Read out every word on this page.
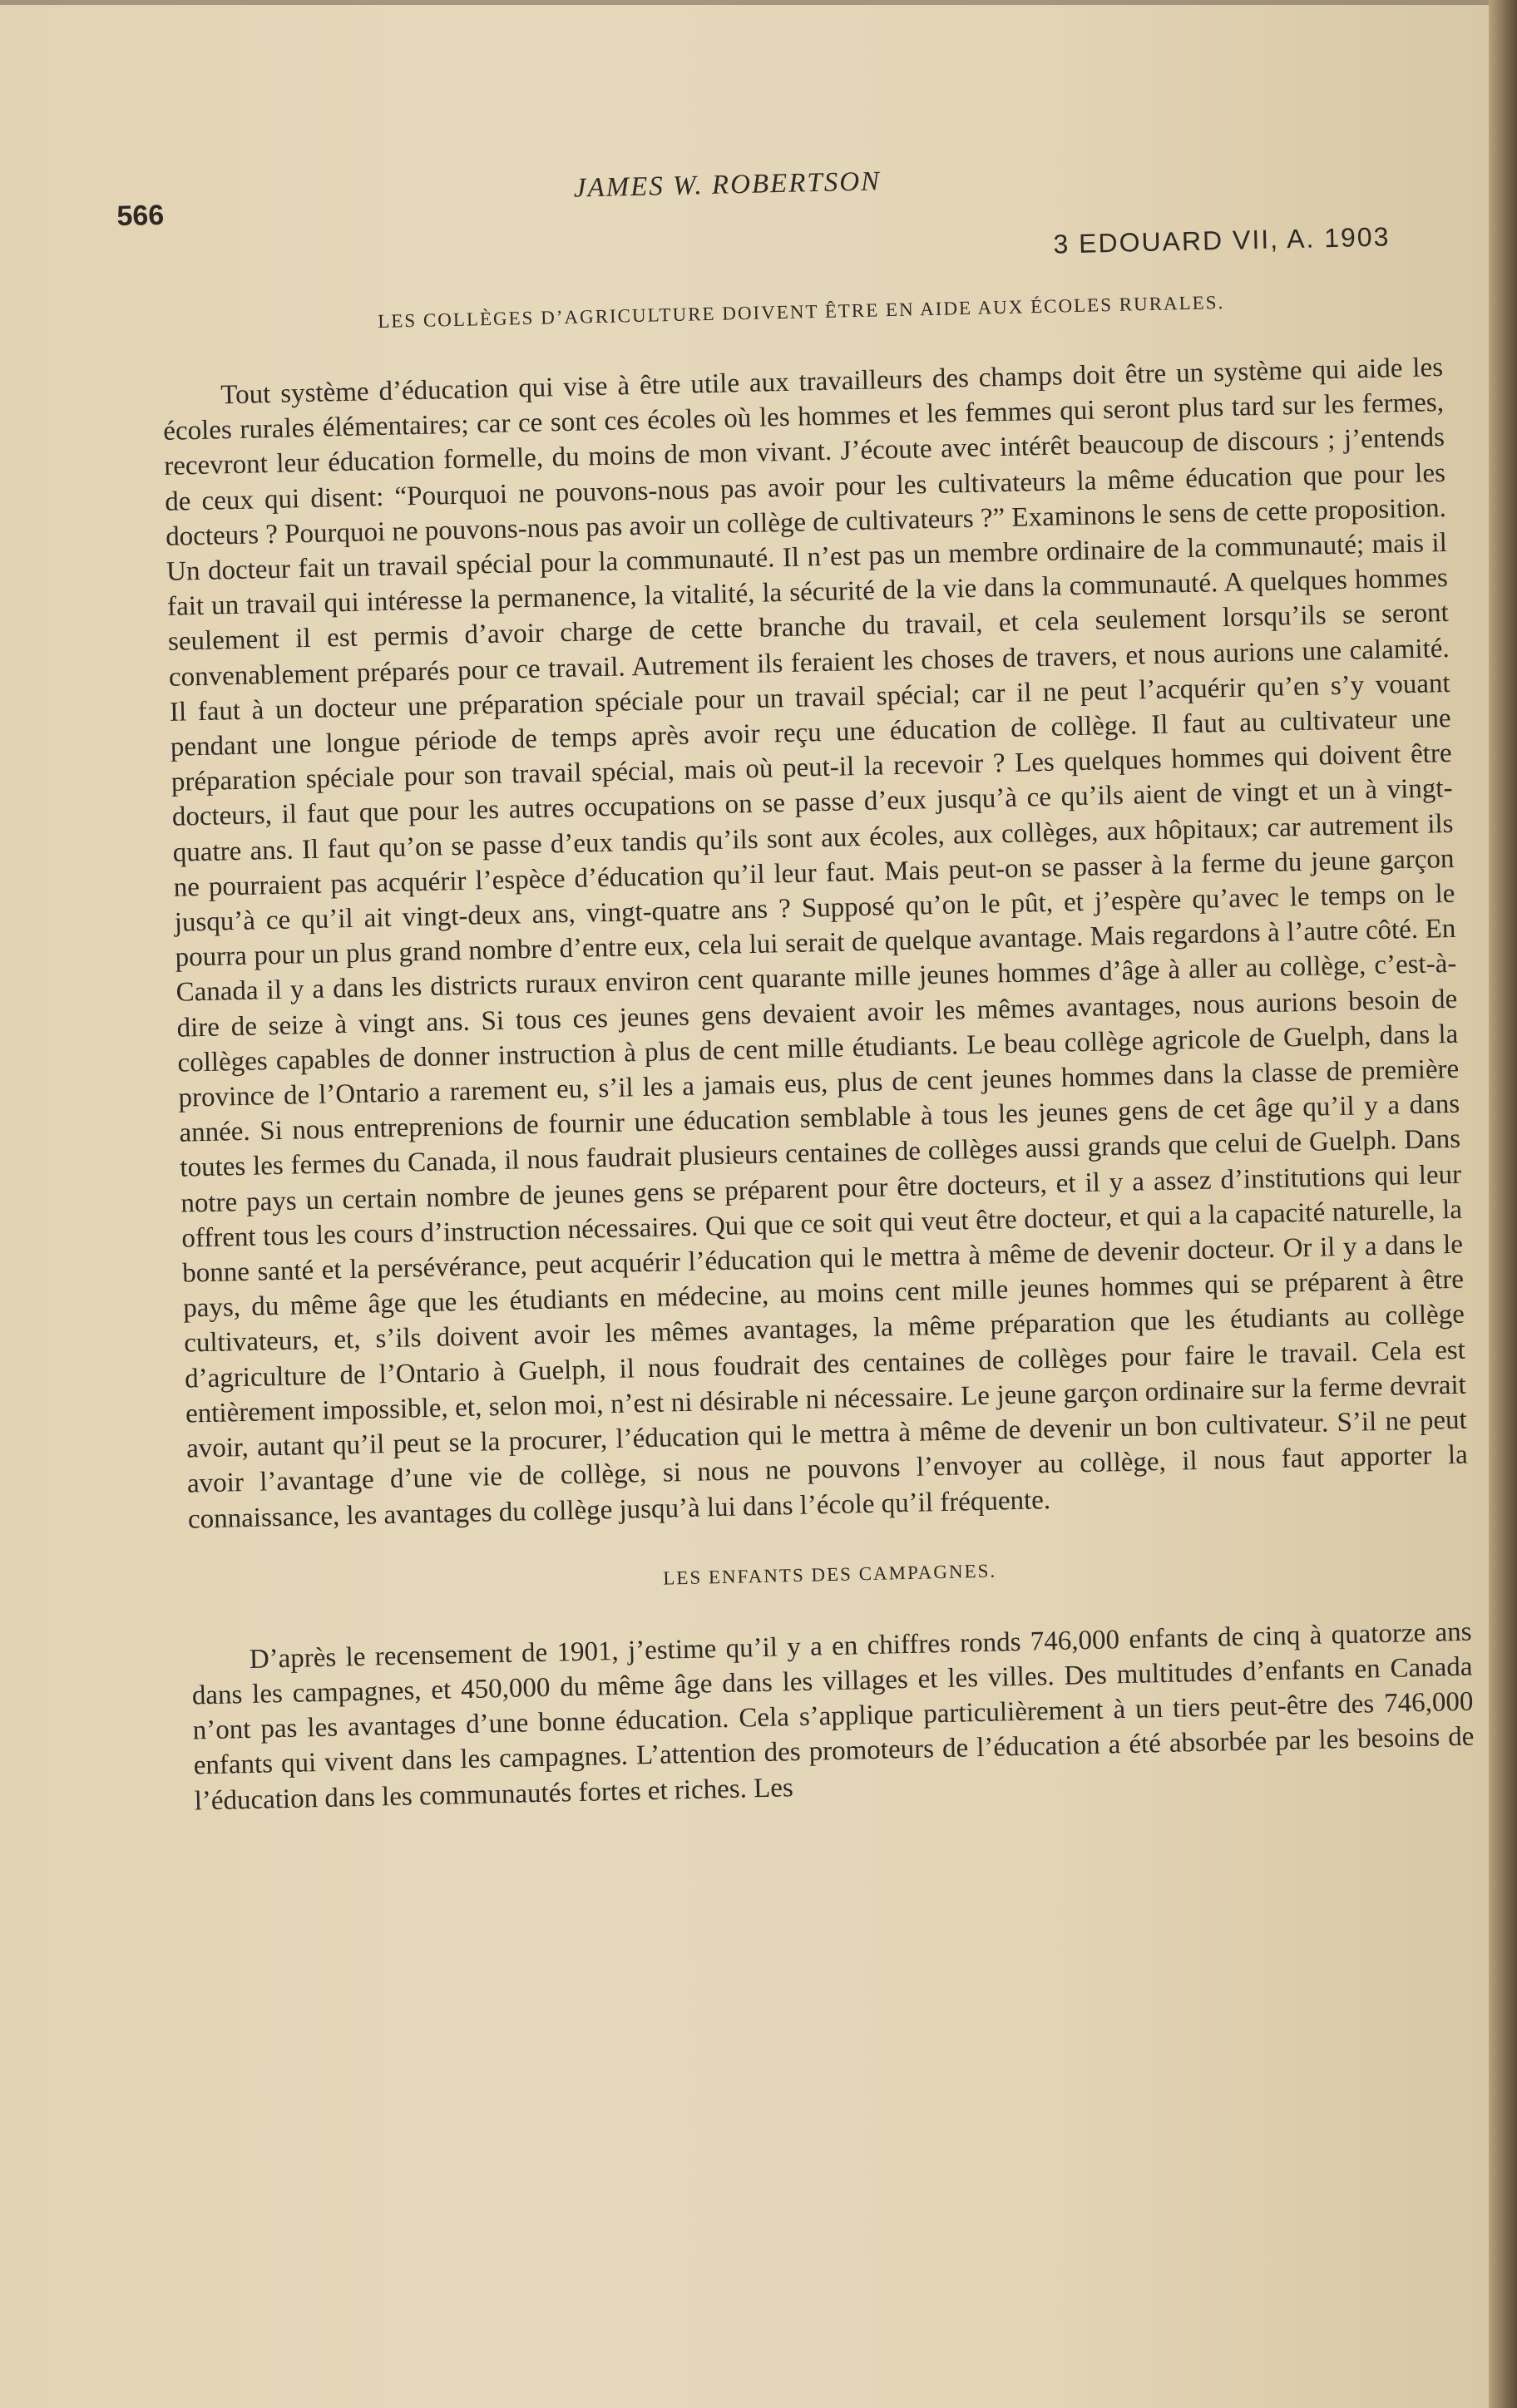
566
JAMES W. ROBERTSON
3 EDOUARD VII, A. 1903
LES COLLÈGES D’AGRICULTURE DOIVENT ÊTRE EN AIDE AUX ÉCOLES RURALES.

Tout système d’éducation qui vise à être utile aux travailleurs des champs doit être un système qui aide les écoles rurales élémentaires; car ce sont ces écoles où les hommes et les femmes qui seront plus tard sur les fermes, recevront leur éducation formelle, du moins de mon vivant. J’écoute avec intérêt beaucoup de discours ; j’entends de ceux qui disent: “Pourquoi ne pouvons-nous pas avoir pour les cultivateurs la même éducation que pour les docteurs ? Pourquoi ne pouvons-nous pas avoir un collège de cultivateurs ?” Examinons le sens de cette proposition. Un docteur fait un travail spécial pour la communauté. Il n’est pas un membre ordinaire de la communauté; mais il fait un travail qui intéresse la permanence, la vitalité, la sécurité de la vie dans la communauté. A quelques hommes seulement il est permis d’avoir charge de cette branche du travail, et cela seulement lorsqu’ils se seront convenablement préparés pour ce travail. Autrement ils feraient les choses de travers, et nous aurions une calamité. Il faut à un docteur une préparation spéciale pour un travail spécial; car il ne peut l’acquérir qu’en s’y vouant pendant une longue période de temps après avoir reçu une éducation de collège. Il faut au cultivateur une préparation spéciale pour son travail spécial, mais où peut-il la recevoir ? Les quelques hommes qui doivent être docteurs, il faut que pour les autres occupations on se passe d’eux jusqu’à ce qu’ils aient de vingt et un à vingt-quatre ans. Il faut qu’on se passe d’eux tandis qu’ils sont aux écoles, aux collèges, aux hôpitaux; car autrement ils ne pourraient pas acquérir l’espèce d’éducation qu’il leur faut. Mais peut-on se passer à la ferme du jeune garçon jusqu’à ce qu’il ait vingt-deux ans, vingt-quatre ans ? Supposé qu’on le pût, et j’espère qu’avec le temps on le pourra pour un plus grand nombre d’entre eux, cela lui serait de quelque avantage. Mais regardons à l’autre côté. En Canada il y a dans les districts ruraux environ cent quarante mille jeunes hommes d’âge à aller au collège, c’est-à-dire de seize à vingt ans. Si tous ces jeunes gens devaient avoir les mêmes avantages, nous aurions besoin de collèges capables de donner instruction à plus de cent mille étudiants. Le beau collège agricole de Guelph, dans la province de l’Ontario a rarement eu, s’il les a jamais eus, plus de cent jeunes hommes dans la classe de première année. Si nous entreprenions de fournir une éducation semblable à tous les jeunes gens de cet âge qu’il y a dans toutes les fermes du Canada, il nous faudrait plusieurs centaines de collèges aussi grands que celui de Guelph. Dans notre pays un certain nombre de jeunes gens se préparent pour être docteurs, et il y a assez d’institutions qui leur offrent tous les cours d’instruction nécessaires. Qui que ce soit qui veut être docteur, et qui a la capacité naturelle, la bonne santé et la persévérance, peut acquérir l’éducation qui le mettra à même de devenir docteur. Or il y a dans le pays, du même âge que les étudiants en médecine, au moins cent mille jeunes hommes qui se préparent à être cultivateurs, et, s’ils doivent avoir les mêmes avantages, la même préparation que les étudiants au collège d’agriculture de l’Ontario à Guelph, il nous foudrait des centaines de collèges pour faire le travail. Cela est entièrement impossible, et, selon moi, n’est ni désirable ni nécessaire. Le jeune garçon ordinaire sur la ferme devrait avoir, autant qu’il peut se la procurer, l’éducation qui le mettra à même de devenir un bon cultivateur. S’il ne peut avoir l’avantage d’une vie de collège, si nous ne pouvons l’envoyer au collège, il nous faut apporter la connaissance, les avantages du collège jusqu’à lui dans l’école qu’il fréquente.

LES ENFANTS DES CAMPAGNES.

D’après le recensement de 1901, j’estime qu’il y a en chiffres ronds 746,000 enfants de cinq à quatorze ans dans les campagnes, et 450,000 du même âge dans les villages et les villes. Des multitudes d’enfants en Canada n’ont pas les avantages d’une bonne éducation. Cela s’applique particulièrement à un tiers peut-être des 746,000 enfants qui vivent dans les campagnes. L’attention des promoteurs de l’éducation a été absorbée par les besoins de l’éducation dans les communautés fortes et riches. Les
